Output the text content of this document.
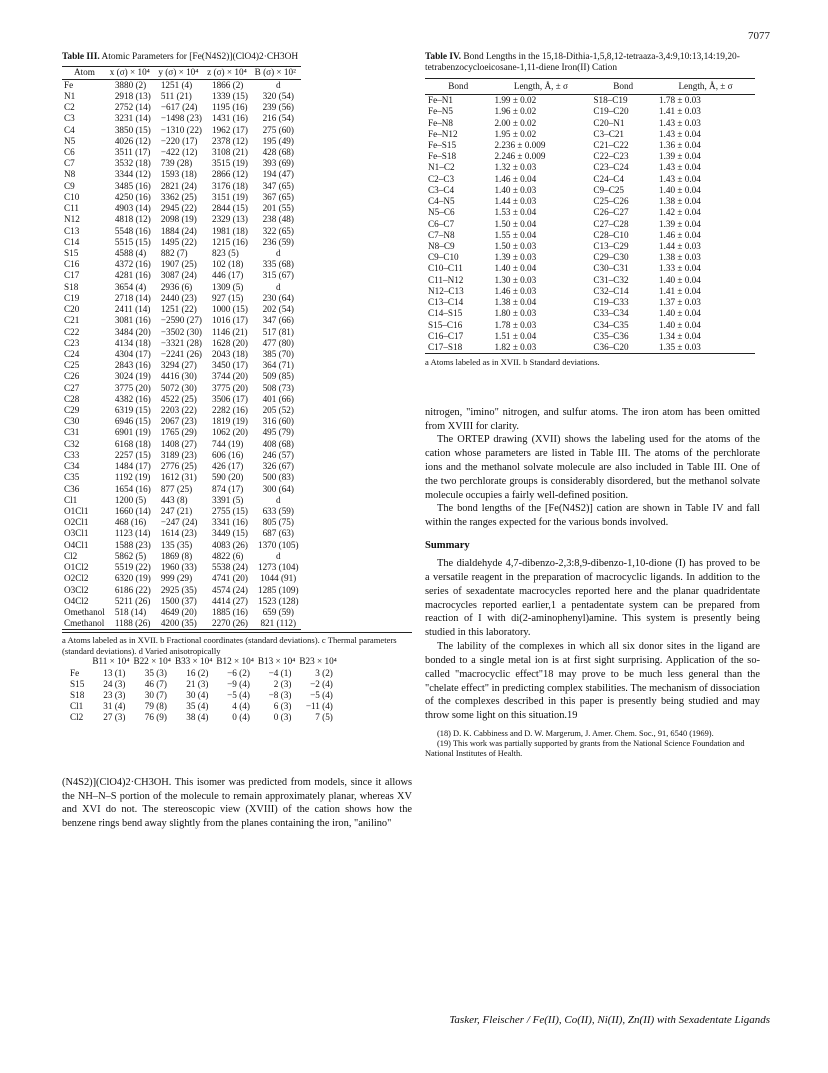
7077
Table III. Atomic Parameters for [Fe(N4S2)](ClO4)2·CH3OH
Atom	x (σ) × 10⁴	y (σ) × 10⁴	z (σ) × 10⁴	B (σ) × 10²
Fe	3880 (2)	1251 (4)	1866 (2)	d
N1	2918 (13)	511 (21)	1339 (15)	320 (54)
C2	2752 (14)	−617 (24)	1195 (16)	239 (56)
C3	3231 (14)	−1498 (23)	1431 (16)	216 (54)
C4	3850 (15)	−1310 (22)	1962 (17)	275 (60)
N5	4026 (12)	−220 (17)	2378 (12)	195 (49)
C6	3511 (17)	−422 (12)	3108 (21)	428 (68)
C7	3532 (18)	739 (28)	3515 (19)	393 (69)
N8	3344 (12)	1593 (18)	2866 (12)	194 (47)
C9	3485 (16)	2821 (24)	3176 (18)	347 (65)
C10	4250 (16)	3362 (25)	3151 (19)	367 (65)
C11	4903 (14)	2945 (22)	2844 (15)	201 (55)
N12	4818 (12)	2098 (19)	2329 (13)	238 (48)
C13	5548 (16)	1884 (24)	1981 (18)	322 (65)
C14	5515 (15)	1495 (22)	1215 (16)	236 (59)
S15	4588 (4)	882 (7)	823 (5)	d
C16	4372 (16)	1907 (25)	102 (18)	335 (68)
C17	4281 (16)	3087 (24)	446 (17)	315 (67)
S18	3654 (4)	2936 (6)	1309 (5)	d
C19	2718 (14)	2440 (23)	927 (15)	230 (64)
C20	2411 (14)	1251 (22)	1000 (15)	202 (54)
C21	3081 (16)	−2590 (27)	1016 (17)	347 (66)
C22	3484 (20)	−3502 (30)	1146 (21)	517 (81)
C23	4134 (18)	−3321 (28)	1628 (20)	477 (80)
C24	4304 (17)	−2241 (26)	2043 (18)	385 (70)
C25	2843 (16)	3294 (27)	3450 (17)	364 (71)
C26	3024 (19)	4416 (30)	3744 (20)	509 (85)
C27	3775 (20)	5072 (30)	3775 (20)	508 (73)
C28	4382 (16)	4522 (25)	3506 (17)	401 (66)
C29	6319 (15)	2203 (22)	2282 (16)	205 (52)
C30	6946 (15)	2067 (23)	1819 (19)	316 (60)
C31	6901 (19)	1765 (29)	1062 (20)	495 (79)
C32	6168 (18)	1408 (27)	744 (19)	408 (68)
C33	2257 (15)	3189 (23)	606 (16)	246 (57)
C34	1484 (17)	2776 (25)	426 (17)	326 (67)
C35	1192 (19)	1612 (31)	590 (20)	500 (83)
C36	1654 (16)	877 (25)	874 (17)	300 (64)
Cl1	1200 (5)	443 (8)	3391 (5)	d
O1Cl1	1660 (14)	247 (21)	2755 (15)	633 (59)
O2Cl1	468 (16)	−247 (24)	3341 (16)	805 (75)
O3Cl1	1123 (14)	1614 (23)	3449 (15)	687 (63)
O4Cl1	1588 (23)	135 (35)	4083 (26)	1370 (105)
Cl2	5862 (5)	1869 (8)	4822 (6)	d
O1Cl2	5519 (22)	1960 (33)	5538 (24)	1273 (104)
O2Cl2	6320 (19)	999 (29)	4741 (20)	1044 (91)
O3Cl2	6186 (22)	2925 (35)	4574 (24)	1285 (109)
O4Cl2	5211 (26)	1500 (37)	4414 (27)	1523 (128)
Omethanol	518 (14)	4649 (20)	1885 (16)	659 (59)
Cmethanol	1188 (26)	4200 (35)	2270 (26)	821 (112)
a Atoms labeled as in XVII. b Fractional coordinates (standard deviations). c Thermal parameters (standard deviations). d Varied anisotropically
	B11 × 10⁴	B22 × 10⁴	B33 × 10⁴	B12 × 10⁴	B13 × 10⁴	B23 × 10⁴
Fe	13 (1)	35 (3)	16 (2)	−6 (2)	−4 (1)	3 (2)
S15	24 (3)	46 (7)	21 (3)	−9 (4)	2 (3)	−2 (4)
S18	23 (3)	30 (7)	30 (4)	−5 (4)	−8 (3)	−5 (4)
Cl1	31 (4)	79 (8)	35 (4)	4 (4)	6 (3)	−11 (4)
Cl2	27 (3)	76 (9)	38 (4)	0 (4)	0 (3)	7 (5)
(N4S2)](ClO4)2·CH3OH. This isomer was predicted from models, since it allows the NH–N–S portion of the molecule to remain approximately planar, whereas XV and XVI do not. The stereoscopic view (XVIII) of the cation shows how the benzene rings bend away slightly from the planes containing the iron, "anilino"
Table IV. Bond Lengths in the 15,18-Dithia-1,5,8,12-tetraaza-3,4:9,10:13,14:19,20-tetrabenzocycloeicosane-1,11-diene Iron(II) Cation
Bond	Length, Å, ± σ	Bond	Length, Å, ± σ
Fe–N1	1.99 ± 0.02	S18–C19	1.78 ± 0.03
Fe–N5	1.96 ± 0.02	C19–C20	1.41 ± 0.03
Fe–N8	2.00 ± 0.02	C20–N1	1.43 ± 0.03
Fe–N12	1.95 ± 0.02	C3–C21	1.43 ± 0.04
Fe–S15	2.236 ± 0.009	C21–C22	1.36 ± 0.04
Fe–S18	2.246 ± 0.009	C22–C23	1.39 ± 0.04
N1–C2	1.32 ± 0.03	C23–C24	1.43 ± 0.04
C2–C3	1.46 ± 0.04	C24–C4	1.43 ± 0.04
C3–C4	1.40 ± 0.03	C9–C25	1.40 ± 0.04
C4–N5	1.44 ± 0.03	C25–C26	1.38 ± 0.04
N5–C6	1.53 ± 0.04	C26–C27	1.42 ± 0.04
C6–C7	1.50 ± 0.04	C27–C28	1.39 ± 0.04
C7–N8	1.55 ± 0.04	C28–C10	1.46 ± 0.04
N8–C9	1.50 ± 0.03	C13–C29	1.44 ± 0.03
C9–C10	1.39 ± 0.03	C29–C30	1.38 ± 0.03
C10–C11	1.40 ± 0.04	C30–C31	1.33 ± 0.04
C11–N12	1.30 ± 0.03	C31–C32	1.40 ± 0.04
N12–C13	1.46 ± 0.03	C32–C14	1.41 ± 0.04
C13–C14	1.38 ± 0.04	C19–C33	1.37 ± 0.03
C14–S15	1.80 ± 0.03	C33–C34	1.40 ± 0.04
S15–C16	1.78 ± 0.03	C34–C35	1.40 ± 0.04
C16–C17	1.51 ± 0.04	C35–C36	1.34 ± 0.04
C17–S18	1.82 ± 0.03	C36–C20	1.35 ± 0.03
a Atoms labeled as in XVII. b Standard deviations.
nitrogen, "imino" nitrogen, and sulfur atoms. The iron atom has been omitted from XVIII for clarity.
The ORTEP drawing (XVII) shows the labeling used for the atoms of the cation whose parameters are listed in Table III. The atoms of the perchlorate ions and the methanol solvate molecule are also included in Table III. One of the two perchlorate groups is considerably disordered, but the methanol solvate molecule occupies a fairly well-defined position.
The bond lengths of the [Fe(N4S2)] cation are shown in Table IV and fall within the ranges expected for the various bonds involved.
Summary
The dialdehyde 4,7-dibenzo-2,3:8,9-dibenzo-1,10-dione (I) has proved to be a versatile reagent in the preparation of macrocyclic ligands. In addition to the series of sexadentate macrocycles reported here and the planar quadridentate macrocycles reported earlier,1 a pentadentate system can be prepared from reaction of I with di(2-aminophenyl)amine. This system is presently being studied in this laboratory.
The lability of the complexes in which all six donor sites in the ligand are bonded to a single metal ion is at first sight surprising. Application of the so-called "macrocyclic effect"18 may prove to be much less general than the "chelate effect" in predicting complex stabilities. The mechanism of dissociation of the complexes described in this paper is presently being studied and may throw some light on this situation.19
(18) D. K. Cabbiness and D. W. Margerum, J. Amer. Chem. Soc., 91, 6540 (1969).
(19) This work was partially supported by grants from the National Science Foundation and National Institutes of Health.
Tasker, Fleischer / Fe(II), Co(II), Ni(II), Zn(II) with Sexadentate Ligands
